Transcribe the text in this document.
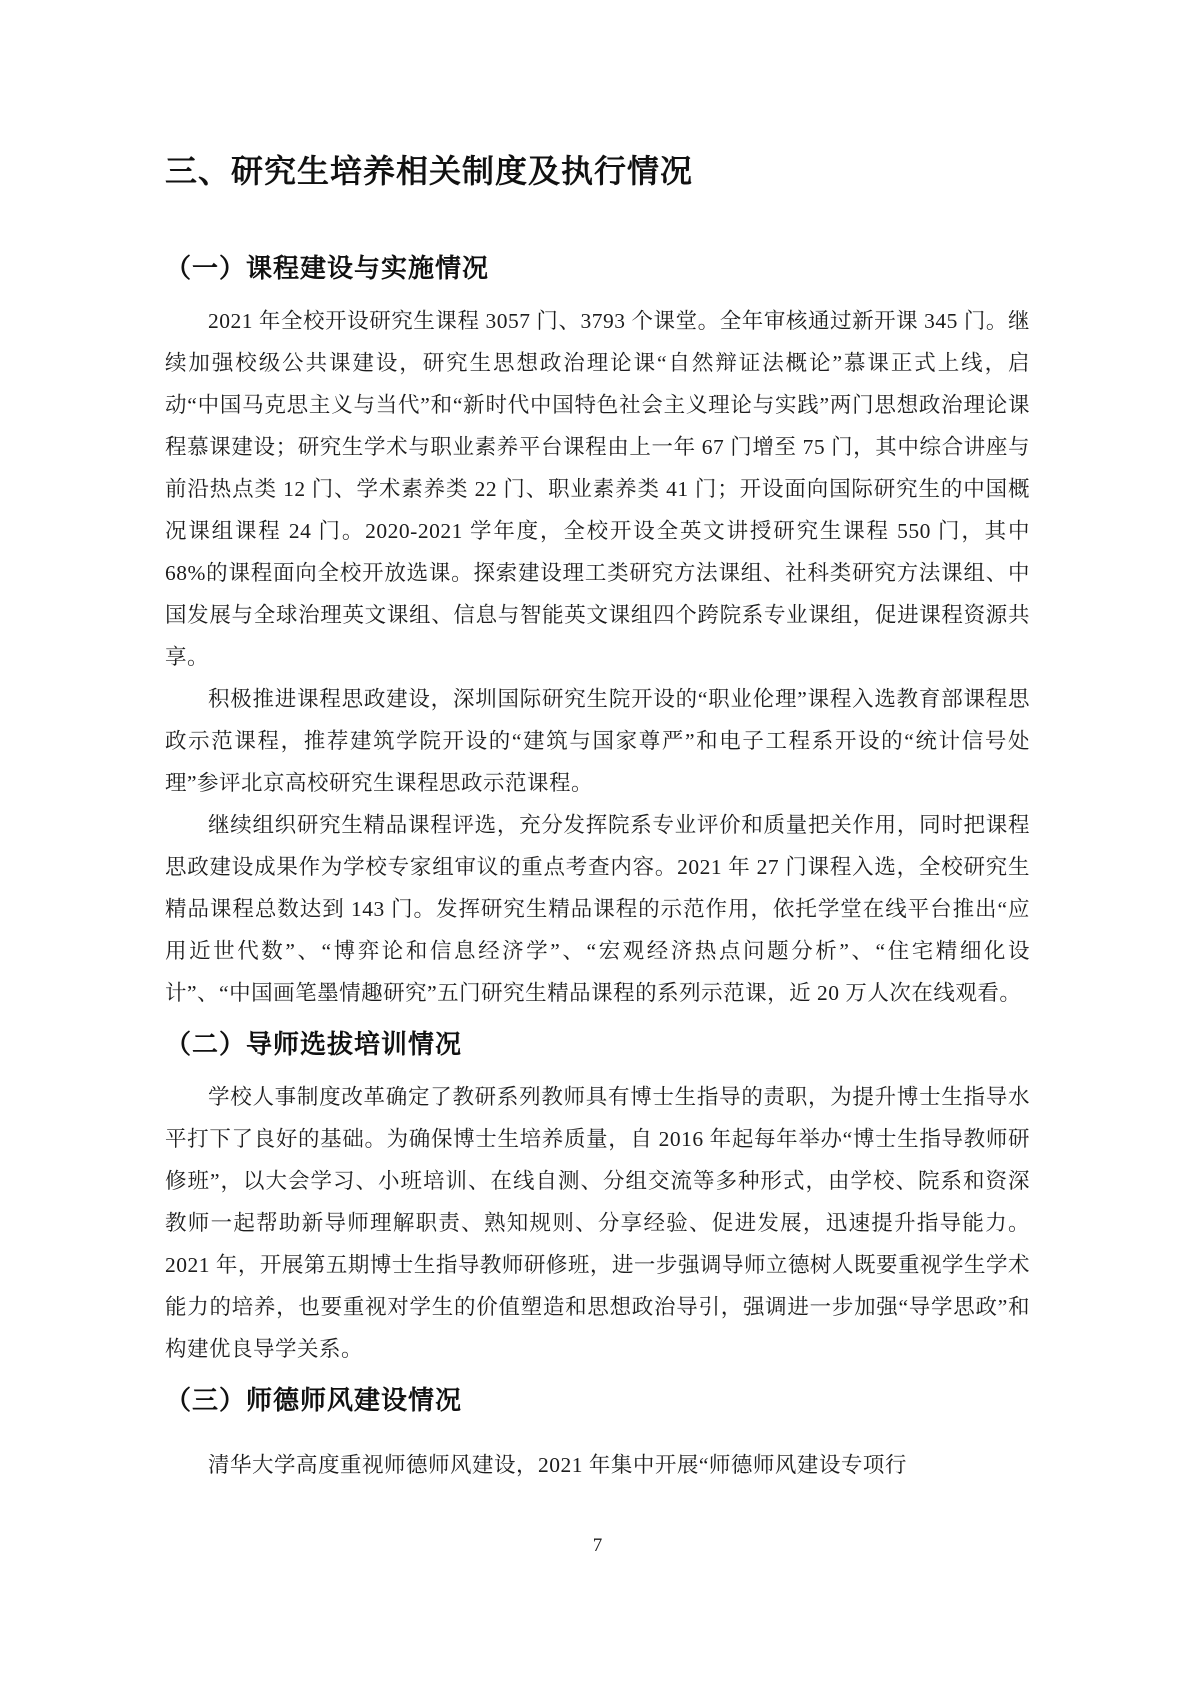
三、研究生培养相关制度及执行情况
（一）课程建设与实施情况

2021 年全校开设研究生课程 3057 门、3793 个课堂。全年审核通过新开课 345 门。继续加强校级公共课建设，研究生思想政治理论课“自然辩证法概论”慕课正式上线，启动“中国马克思主义与当代”和“新时代中国特色社会主义理论与实践”两门思想政治理论课程慕课建设；研究生学术与职业素养平台课程由上一年 67 门增至 75 门，其中综合讲座与前沿热点类 12 门、学术素养类 22 门、职业素养类 41 门；开设面向国际研究生的中国概况课组课程 24 门。2020-2021 学年度，全校开设全英文讲授研究生课程 550 门，其中 68%的课程面向全校开放选课。探索建设理工类研究方法课组、社科类研究方法课组、中国发展与全球治理英文课组、信息与智能英文课组四个跨院系专业课组，促进课程资源共享。

积极推进课程思政建设，深圳国际研究生院开设的“职业伦理”课程入选教育部课程思政示范课程，推荐建筑学院开设的“建筑与国家尊严”和电子工程系开设的“统计信号处理”参评北京高校研究生课程思政示范课程。

继续组织研究生精品课程评选，充分发挥院系专业评价和质量把关作用，同时把课程思政建设成果作为学校专家组审议的重点考查内容。2021 年 27 门课程入选，全校研究生精品课程总数达到 143 门。发挥研究生精品课程的示范作用，依托学堂在线平台推出“应用近世代数”、“博弈论和信息经济学”、“宏观经济热点问题分析”、“住宅精细化设计”、“中国画笔墨情趣研究”五门研究生精品课程的系列示范课，近 20 万人次在线观看。

（二）导师选拔培训情况

学校人事制度改革确定了教研系列教师具有博士生指导的责职，为提升博士生指导水平打下了良好的基础。为确保博士生培养质量，自 2016 年起每年举办“博士生指导教师研修班”，以大会学习、小班培训、在线自测、分组交流等多种形式，由学校、院系和资深教师一起帮助新导师理解职责、熟知规则、分享经验、促进发展，迅速提升指导能力。2021 年，开展第五期博士生指导教师研修班，进一步强调导师立德树人既要重视学生学术能力的培养，也要重视对学生的价值塑造和思想政治导引，强调进一步加强“导学思政”和构建优良导学关系。

（三）师德师风建设情况

清华大学高度重视师德师风建设，2021 年集中开展“师德师风建设专项行

7
